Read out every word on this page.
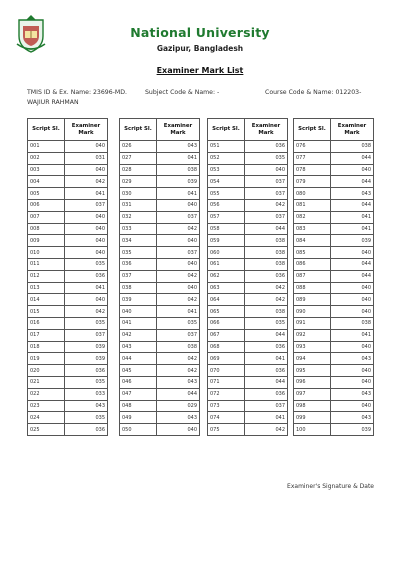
National University
Gazipur, Bangladesh
Examiner Mark List
TMIS ID & Ex. Name: 23696-MD.	Subject Code & Name: -	Course Code & Name: 012203-
WAJIUR RAHMAN
Script Sl.	Examiner Mark
001	040
002	031
003	040
004	042
005	041
006	037
007	040
008	040
009	040
010	040
011	035
012	036
013	041
014	040
015	042
016	035
017	037
018	039
019	039
020	036
021	035
022	033
023	043
024	035
025	036
Script Sl.	Examiner Mark
026	043
027	041
028	038
029	039
030	041
031	040
032	037
033	042
034	040
035	037
036	040
037	042
038	040
039	042
040	041
041	035
042	037
043	038
044	042
045	042
046	043
047	044
048	029
049	043
050	040
Script Sl.	Examiner Mark
051	036
052	035
053	040
054	037
055	037
056	042
057	037
058	044
059	038
060	038
061	038
062	036
063	042
064	042
065	038
066	035
067	044
068	036
069	041
070	036
071	044
072	036
073	037
074	041
075	042
Script Sl.	Examiner Mark
076	038
077	044
078	040
079	044
080	043
081	044
082	041
083	041
084	039
085	040
086	044
087	044
088	040
089	040
090	040
091	038
092	041
093	040
094	043
095	040
096	040
097	043
098	040
099	043
100	039
Examiner's Signature & Date
